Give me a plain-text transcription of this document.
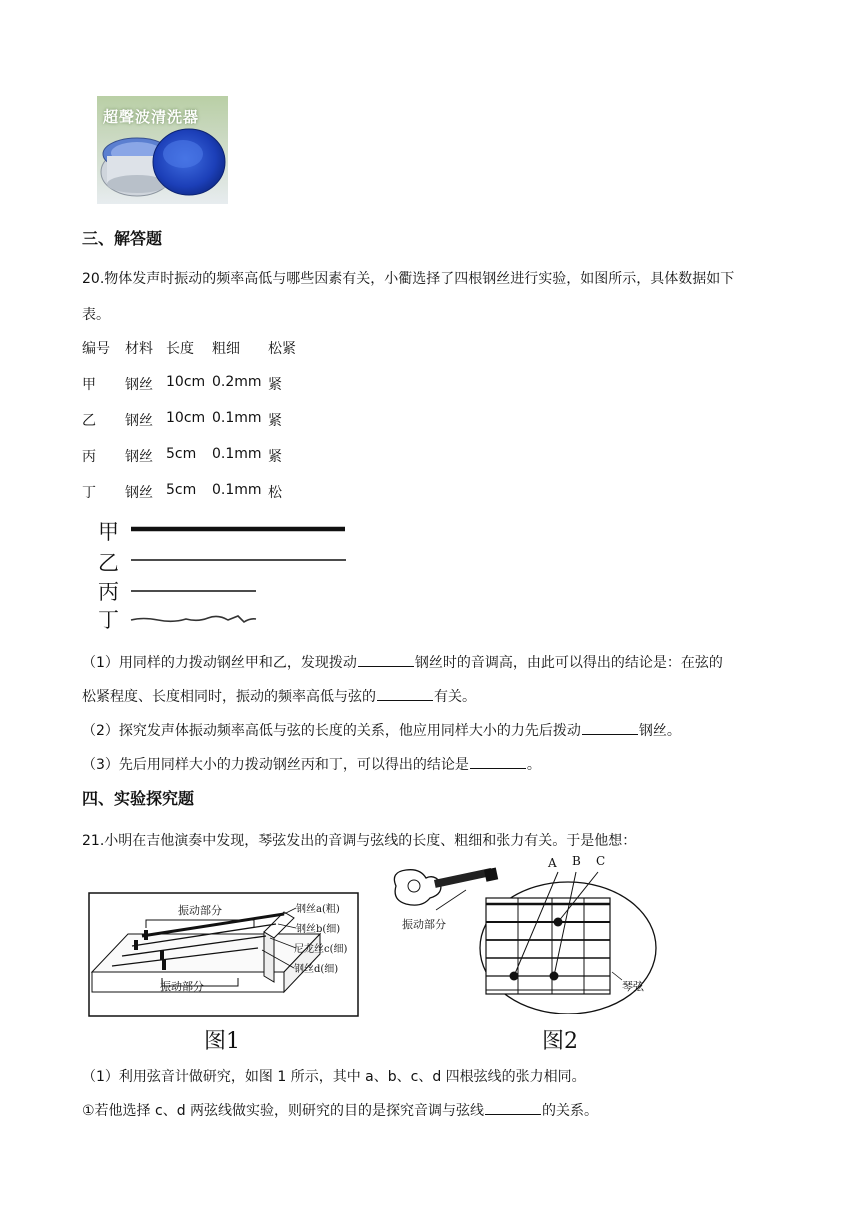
超聲波清洗器
三、解答题
20.物体发声时振动的频率高低与哪些因素有关，小衢选择了四根钢丝进行实验，如图所示，具体数据如下
表。
编号 材料 长度 粗细 松紧
甲 钢丝 10cm 0.2mm 紧
乙 钢丝 10cm 0.1mm 紧
丙 钢丝 5cm 0.1mm 紧
丁 钢丝 5cm 0.1mm 松
甲
乙
丙
丁
（1）用同样的力拨动钢丝甲和乙，发现拨动	钢丝时的音调高，由此可以得出的结论是：在弦的
松紧程度、长度相同时，振动的频率高低与弦的	有关。
（2）探究发声体振动频率高低与弦的长度的关系，他应用同样大小的力先后拨动	钢丝。
（3）先后用同样大小的力拨动钢丝丙和丁，可以得出的结论是	。
四、实验探究题
21.小明在吉他演奏中发现，琴弦发出的音调与弦线的长度、粗细和张力有关。于是他想：
振动部分
振动部分
钢丝a(粗)
钢丝b(细)
尼龙丝c(细)
钢丝d(细)
图1
A B C
振动部分
琴弦
图2
（1）利用弦音计做研究，如图 1 所示，其中 a、b、c、d 四根弦线的张力相同。
①若他选择 c、d 两弦线做实验，则研究的目的是探究音调与弦线	的关系。
